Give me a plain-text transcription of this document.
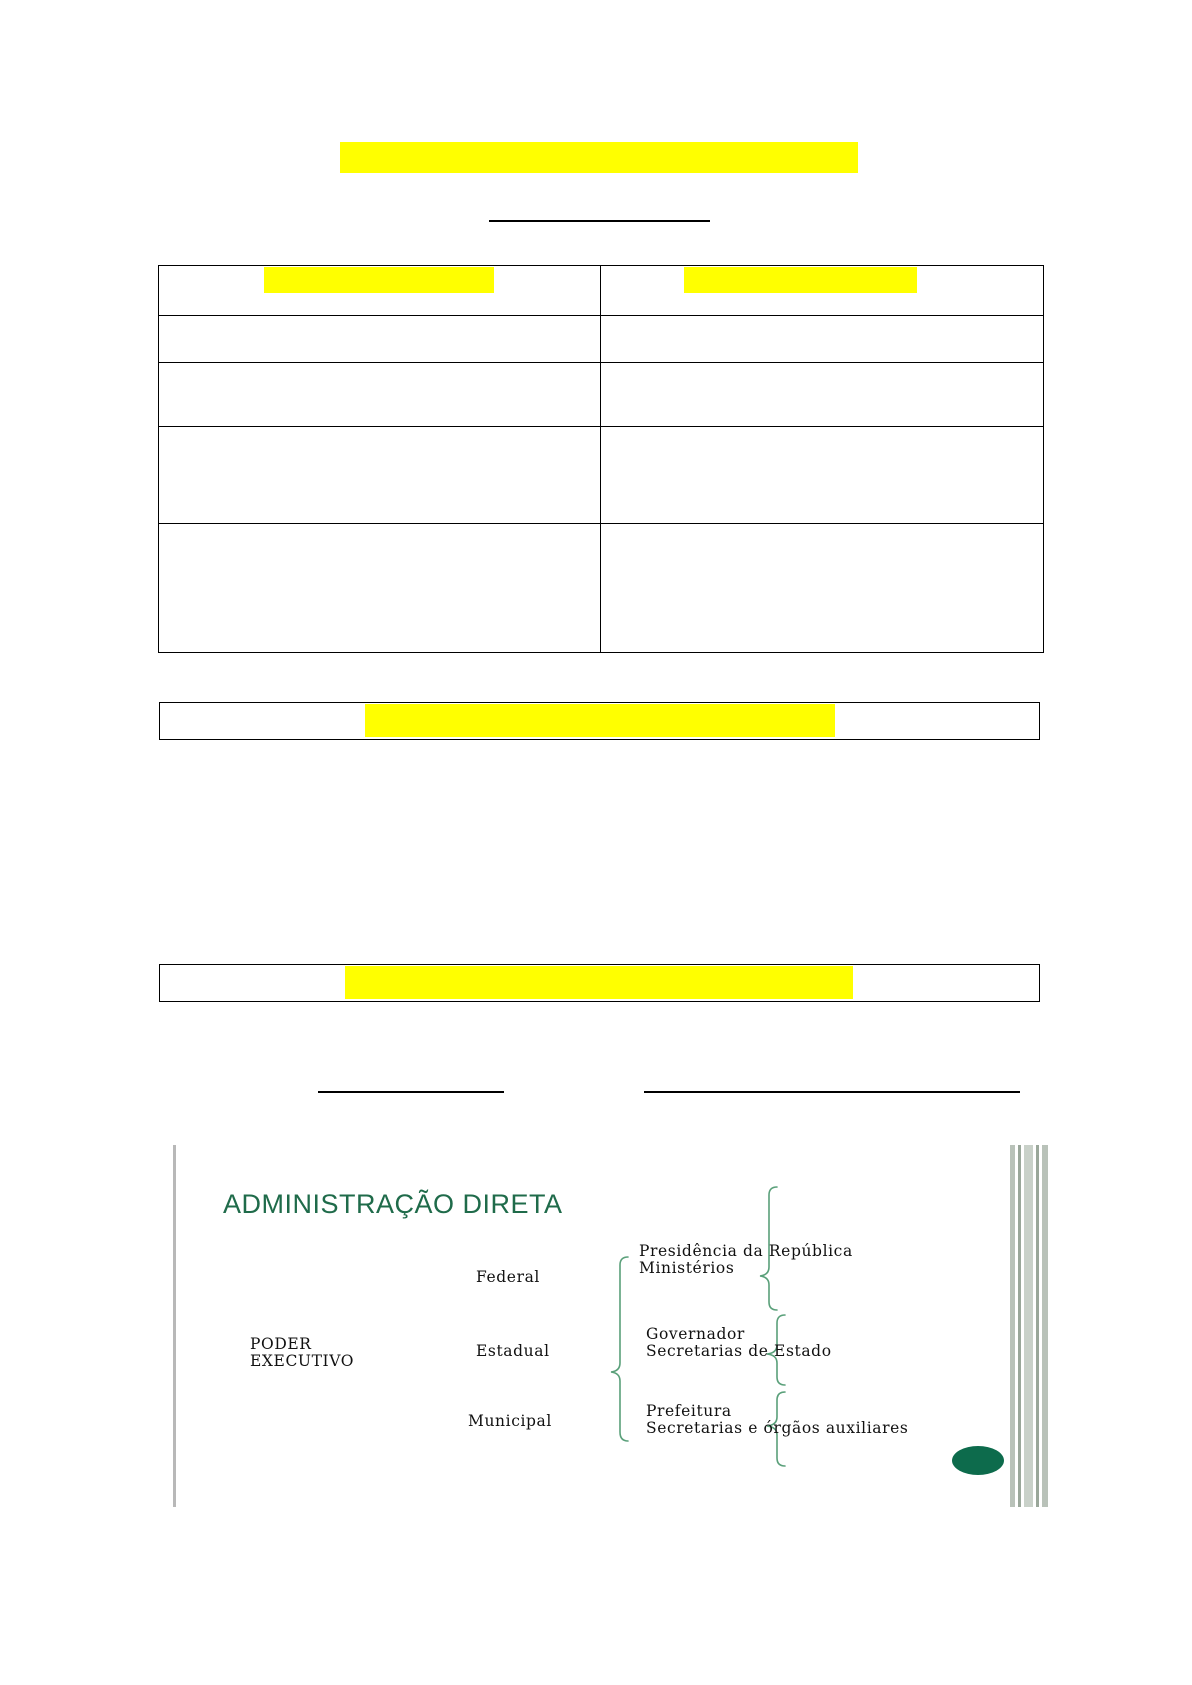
ADMINISTRAÇÃO DIRETA
PODER
EXECUTIVO
Federal
Estadual
Municipal
Presidência da República
Ministérios
Governador
Secretarias de Estado
Prefeitura
Secretarias e órgãos auxiliares
